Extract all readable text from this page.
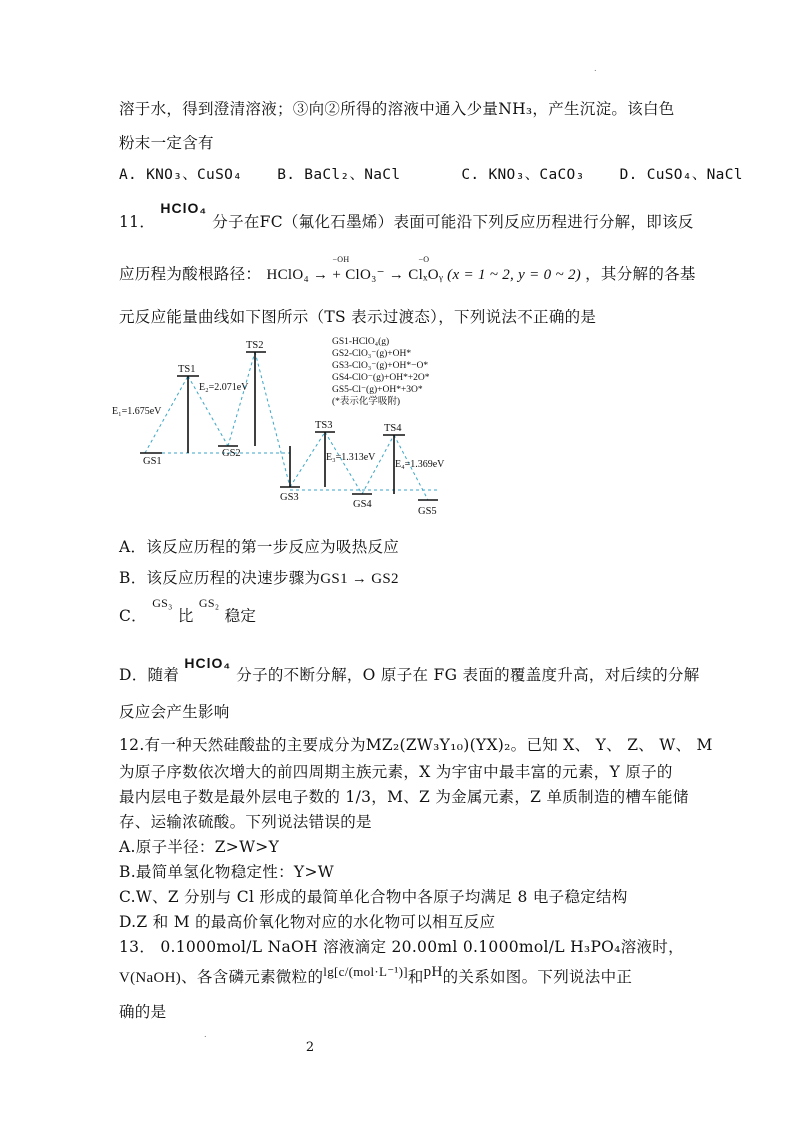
.
溶于水，得到澄清溶液；③向②所得的溶液中通入少量NH₃，产生沉淀。该白色
粉末一定含有
A. KNO₃、CuSO₄ B. BaCl₂、NaCl	C. KNO₃、CaCO₃ D. CuSO₄、NaCl
11． HClO₄ 分子在FC（氟化石墨烯）表面可能沿下列反应历程进行分解，即该反
应历程为酸根路径： HClO₄ → + ClO₃⁻ → ClₓOᵧ
−OH	−O
(x = 1 ~ 2, y = 0 ~ 2) ，其分解的各基
元反应能量曲线如下图所示（TS 表示过渡态），下列说法不正确的是
TS1
TS2
TS3	TS4
GS1
GS2
GS3
GS4
GS5
E₁=1.675eV
E₂=2.071eV
E₃=1.313eV
E₄=1.369eV
GS1-HClO₄(g)
GS2-ClO₃⁻(g)+OH*
GS3-ClO₃⁻(g)+OH*−O*
GS4-ClO⁻(g)+OH*+2O*
GS5-Cl⁻(g)+OH*+3O*
(*表示化学吸附)
A．该反应历程的第一步反应为吸热反应
B．该反应历程的决速步骤为GS1 → GS2
C． $^{GS_3}$ 比 $^{GS_2}$ 稳定
D．随着 HClO₄ 分子的不断分解，O 原子在 FG 表面的覆盖度升高，对后续的分解
反应会产生影响
12.有一种天然硅酸盐的主要成分为MZ₂(ZW₃Y₁₀)(YX)₂。已知 X、 Y、 Z、 W、 M
为原子序数依次增大的前四周期主族元素，X 为宇宙中最丰富的元素，Y 原子的
最内层电子数是最外层电子数的 1/3，M、Z 为金属元素，Z 单质制造的槽车能储
存、运输浓硫酸。下列说法错误的是
A.原子半径：Z>W>Y
B.最简单氢化物稳定性：Y>W
C.W、Z 分别与 Cl 形成的最简单化合物中各原子均满足 8 电子稳定结构
D.Z 和 M 的最高价氧化物对应的水化物可以相互反应
13． 0.1000mol/L NaOH 溶液滴定 20.00ml 0.1000mol/L H₃PO₄溶液时，
V(NaOH)、各含磷元素微粒的$^{lg[c/(mol\cdot L^{-1})]}$和pH的关系如图。下列说法中正
确的是
.
2
